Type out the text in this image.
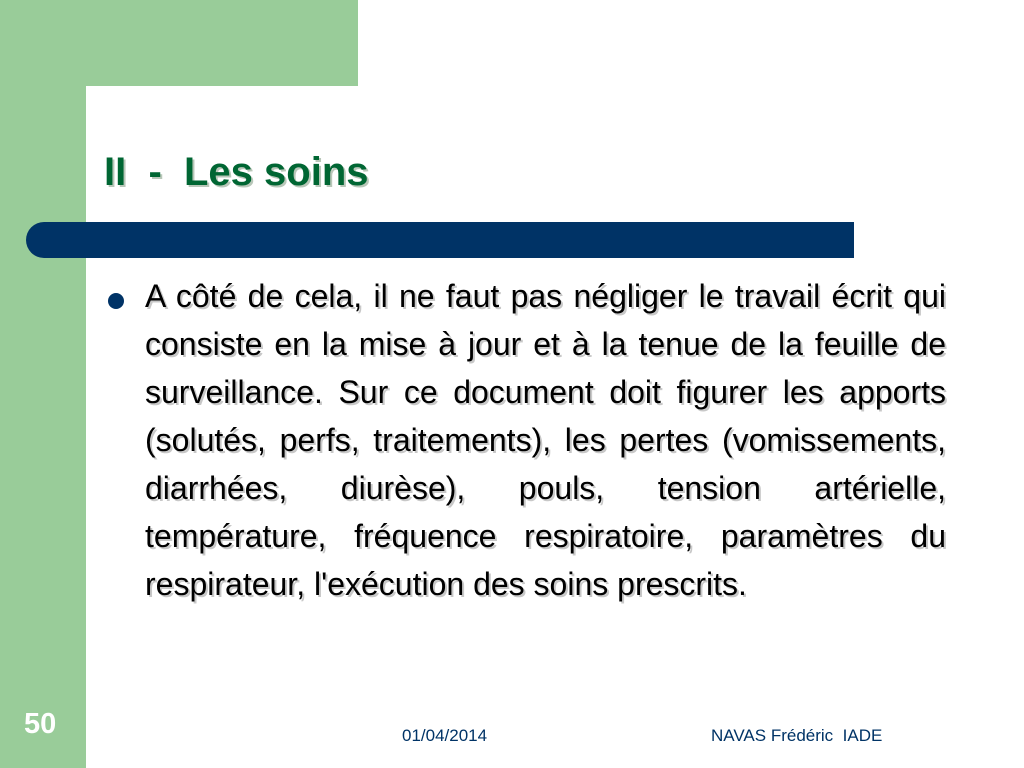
II  -  Les soins
A côté de cela, il ne faut pas négliger le travail écrit qui consiste en la mise à jour et à la tenue de la feuille de surveillance. Sur ce document doit figurer les apports (solutés, perfs, traitements), les pertes (vomissements, diarrhées, diurèse), pouls, tension artérielle, température, fréquence respiratoire, paramètres du respirateur, l'exécution des soins prescrits.
50	01/04/2014	NAVAS Frédéric  IADE
